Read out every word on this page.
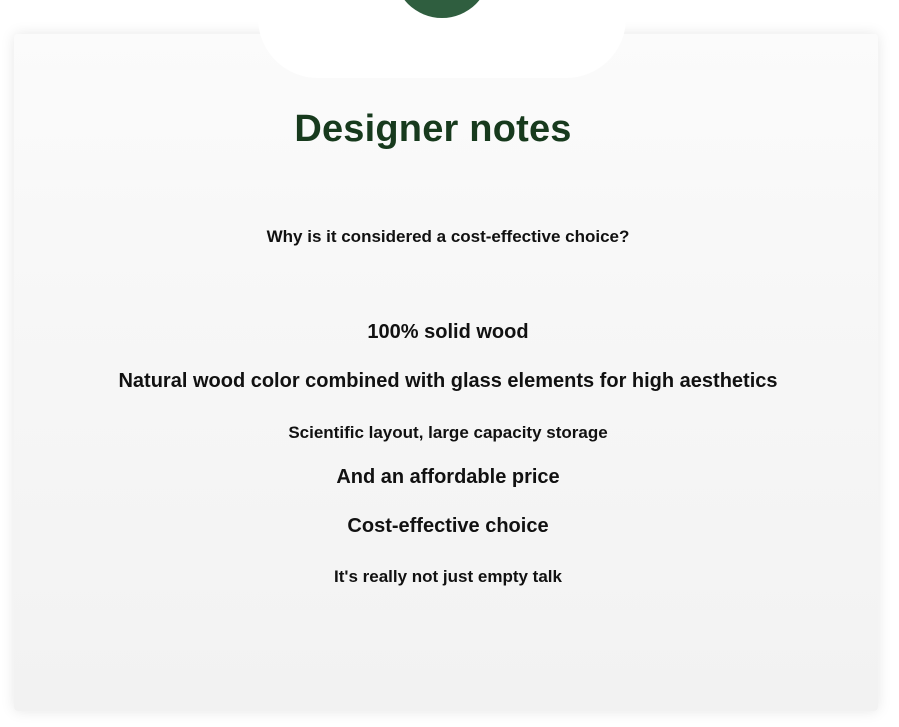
Designer notes
Why is it considered a cost-effective choice?
100% solid wood
Natural wood color combined with glass elements for high aesthetics
Scientific layout, large capacity storage
And an affordable price
Cost-effective choice
It's really not just empty talk
